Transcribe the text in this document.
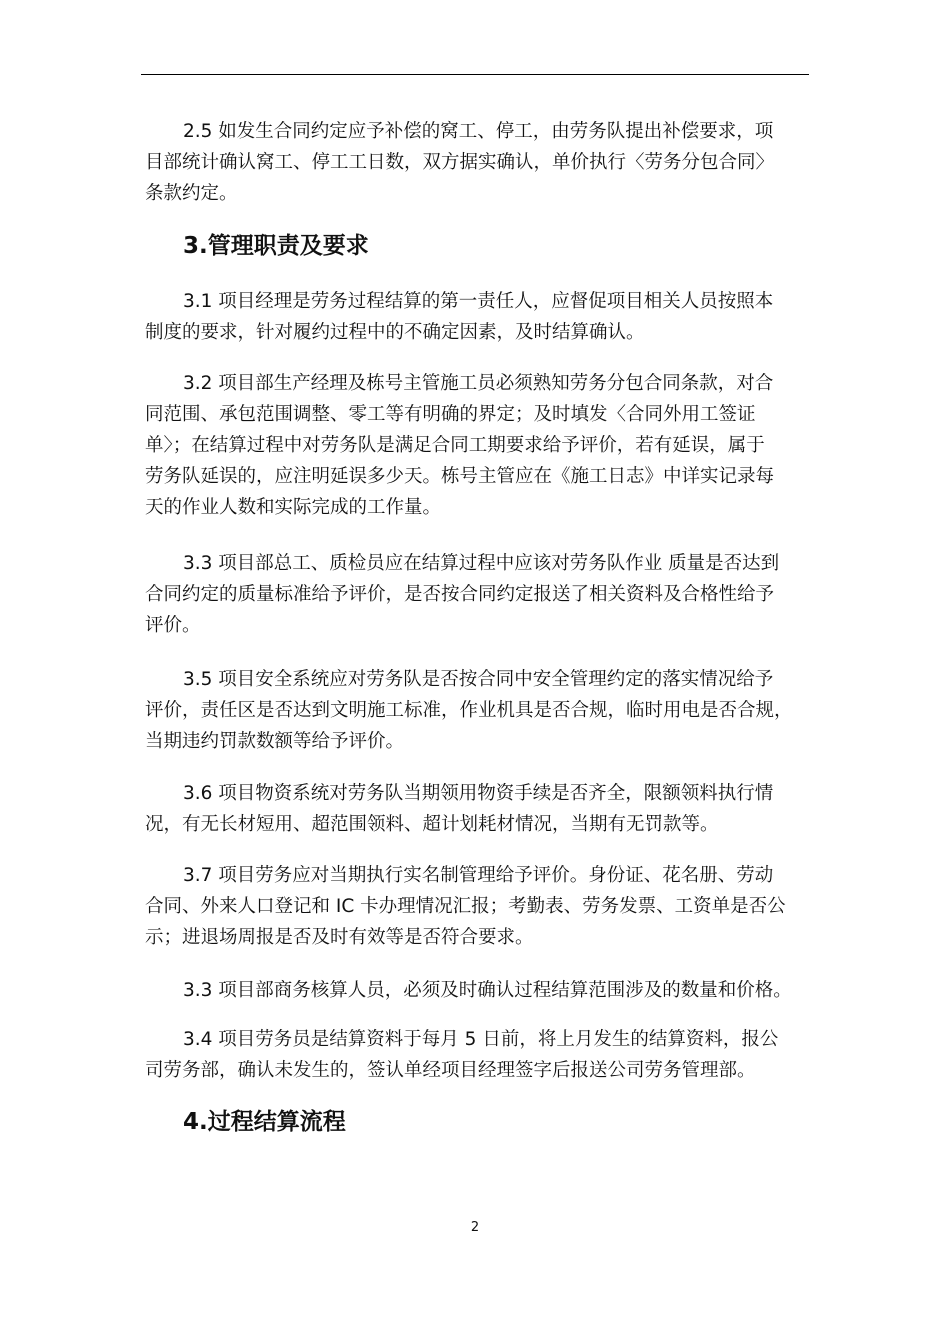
2.5 如发生合同约定应予补偿的窝工、停工，由劳务队提出补偿要求，项
目部统计确认窝工、停工工日数，双方据实确认，单价执行〈劳务分包合同〉
条款约定。
3.管理职责及要求
3.1 项目经理是劳务过程结算的第一责任人，应督促项目相关人员按照本
制度的要求，针对履约过程中的不确定因素，及时结算确认。
3.2 项目部生产经理及栋号主管施工员必须熟知劳务分包合同条款，对合
同范围、承包范围调整、零工等有明确的界定；及时填发〈合同外用工签证
单〉；在结算过程中对劳务队是满足合同工期要求给予评价，若有延误，属于
劳务队延误的，应注明延误多少天。栋号主管应在《施工日志》中详实记录每
天的作业人数和实际完成的工作量。
3.3 项目部总工、质检员应在结算过程中应该对劳务队作业 质量是否达到
合同约定的质量标准给予评价，是否按合同约定报送了相关资料及合格性给予
评价。
3.5 项目安全系统应对劳务队是否按合同中安全管理约定的落实情况给予
评价，责任区是否达到文明施工标准，作业机具是否合规，临时用电是否合规，
当期违约罚款数额等给予评价。
3.6 项目物资系统对劳务队当期领用物资手续是否齐全，限额领料执行情
况，有无长材短用、超范围领料、超计划耗材情况，当期有无罚款等。
3.7 项目劳务应对当期执行实名制管理给予评价。身份证、花名册、劳动
合同、外来人口登记和 IC 卡办理情况汇报；考勤表、劳务发票、工资单是否公
示；进退场周报是否及时有效等是否符合要求。
3.3 项目部商务核算人员，必须及时确认过程结算范围涉及的数量和价格。
3.4 项目劳务员是结算资料于每月 5 日前，将上月发生的结算资料，报公
司劳务部，确认未发生的，签认单经项目经理签字后报送公司劳务管理部。
4.过程结算流程
2
